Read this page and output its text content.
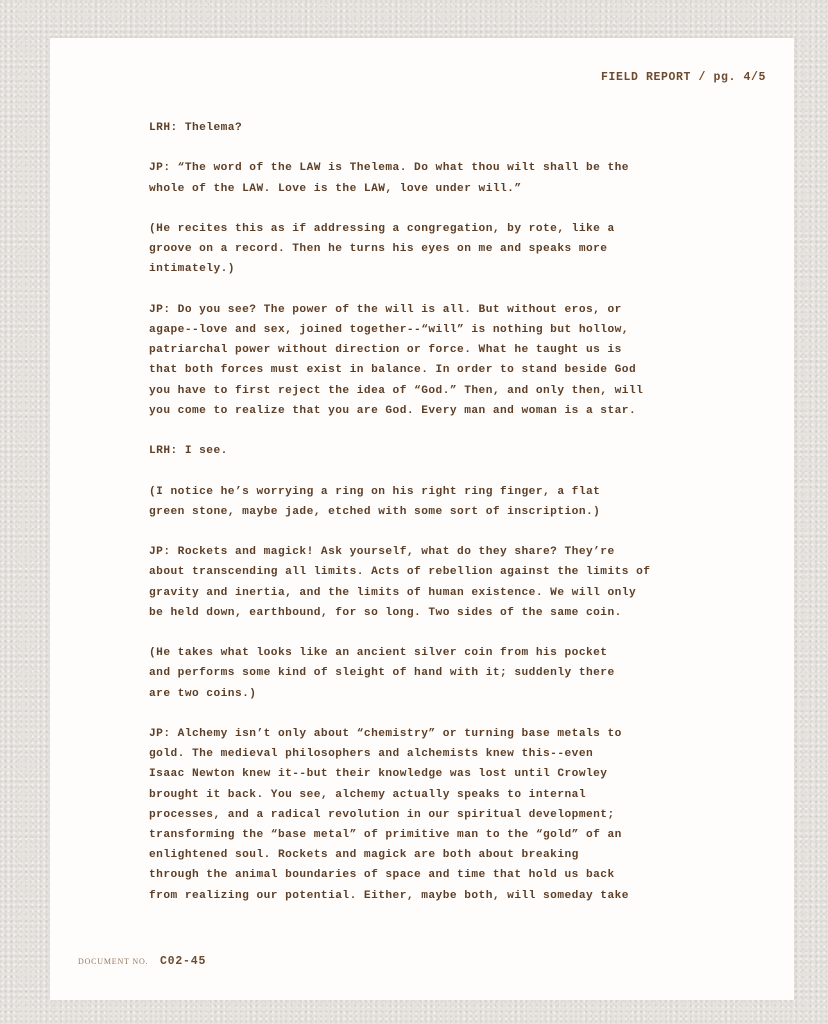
FIELD REPORT / pg. 4/5

LRH: Thelema?

JP: “The word of the LAW is Thelema. Do what thou wilt shall be the
whole of the LAW. Love is the LAW, love under will.”

(He recites this as if addressing a congregation, by rote, like a
groove on a record. Then he turns his eyes on me and speaks more
intimately.)

JP: Do you see? The power of the will is all. But without eros, or
agape--love and sex, joined together--“will” is nothing but hollow,
patriarchal power without direction or force. What he taught us is
that both forces must exist in balance. In order to stand beside God
you have to first reject the idea of “God.” Then, and only then, will
you come to realize that you are God. Every man and woman is a star.

LRH: I see.

(I notice he’s worrying a ring on his right ring finger, a flat
green stone, maybe jade, etched with some sort of inscription.)

JP: Rockets and magick! Ask yourself, what do they share? They’re
about transcending all limits. Acts of rebellion against the limits of
gravity and inertia, and the limits of human existence. We will only
be held down, earthbound, for so long. Two sides of the same coin.

(He takes what looks like an ancient silver coin from his pocket
and performs some kind of sleight of hand with it; suddenly there
are two coins.)

JP: Alchemy isn’t only about “chemistry” or turning base metals to
gold. The medieval philosophers and alchemists knew this--even
Isaac Newton knew it--but their knowledge was lost until Crowley
brought it back. You see, alchemy actually speaks to internal
processes, and a radical revolution in our spiritual development;
transforming the “base metal” of primitive man to the “gold” of an
enlightened soul. Rockets and magick are both about breaking
through the animal boundaries of space and time that hold us back
from realizing our potential. Either, maybe both, will someday take

DOCUMENT NO. C02-45
